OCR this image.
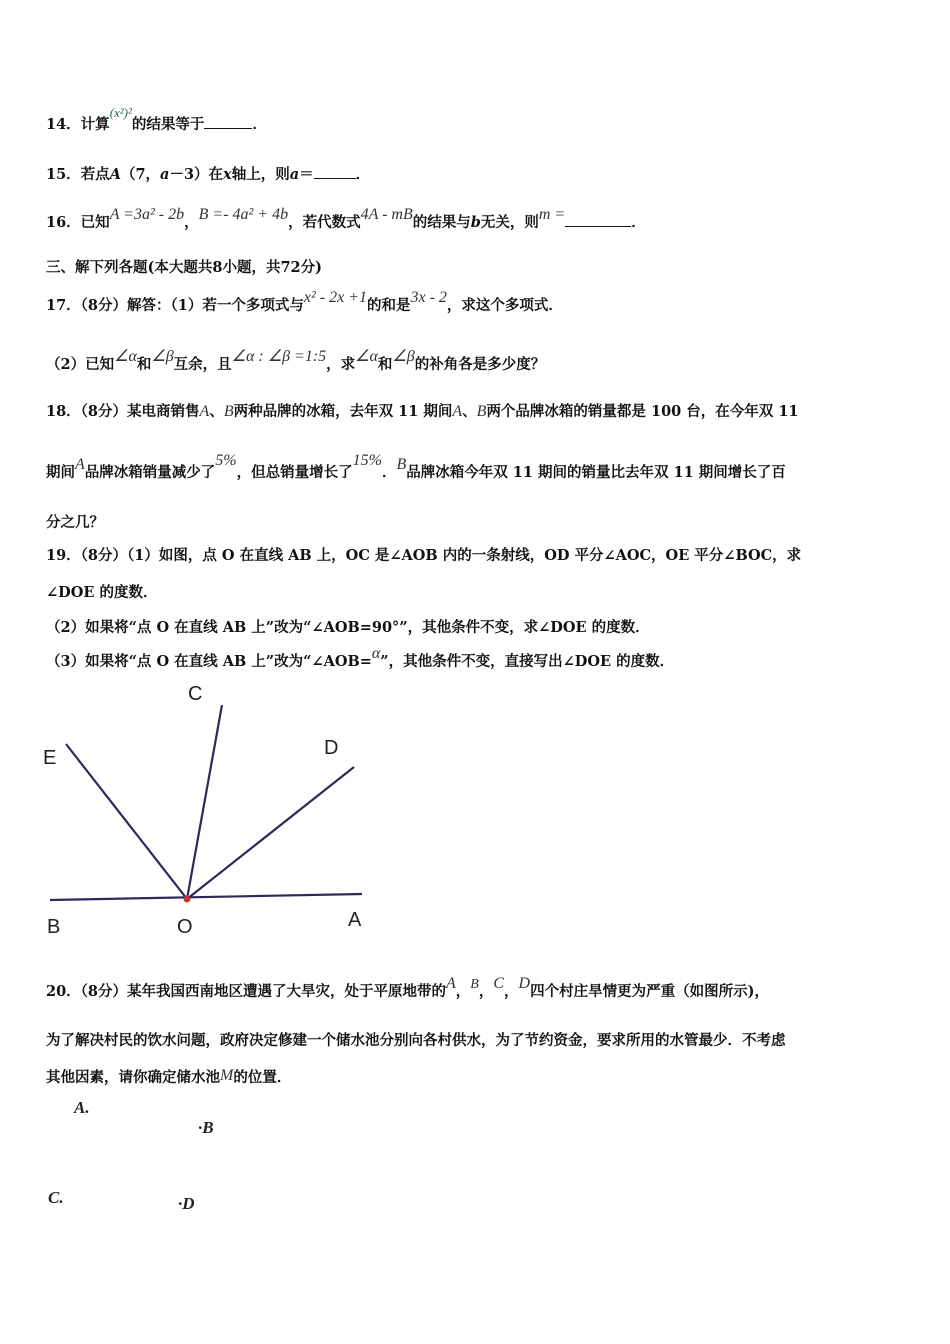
14．计算(x²)²的结果等于	．
15．若点A（7，a－3）在x轴上，则a＝	．
16．已知A =3a² - 2b，B =- 4a² + 4b，若代数式4A - mB的结果与b无关，则m =	．
三、解下列各题(本大题共8小题，共72分)
17．（8分）解答：（1）若一个多项式与x² - 2x +1的和是3x - 2，求这个多项式．
（2）已知∠α和∠β互余，且∠α : ∠β =1:5，求∠α和∠β的补角各是多少度？
18．（8分）某电商销售A、B两种品牌的冰箱，去年双 11 期间A、B两个品牌冰箱的销量都是 100 台，在今年双 11
期间A品牌冰箱销量减少了5%，但总销量增长了15%．B品牌冰箱今年双 11 期间的销量比去年双 11 期间增长了百
分之几？
19．（8分）（1）如图，点 O 在直线 AB 上，OC 是∠AOB 内的一条射线，OD 平分∠AOC，OE 平分∠BOC，求
∠DOE 的度数．
（2）如果将“点 O 在直线 AB 上”改为“∠AOB=90°”，其他条件不变，求∠DOE 的度数．
（3）如果将“点 O 在直线 AB 上”改为“∠AOB=α”，其他条件不变，直接写出∠DOE 的度数．
C
D
E
B	O	A
20．（8分）某年我国西南地区遭遇了大旱灾，处于平原地带的A，B，C，D四个村庄旱情更为严重（如图所示)，
为了解决村民的饮水问题，政府决定修建一个储水池分别向各村供水，为了节约资金，要求所用的水管最少．不考虑
其他因素，请你确定储水池M的位置．
A.
·B
C.	·D
